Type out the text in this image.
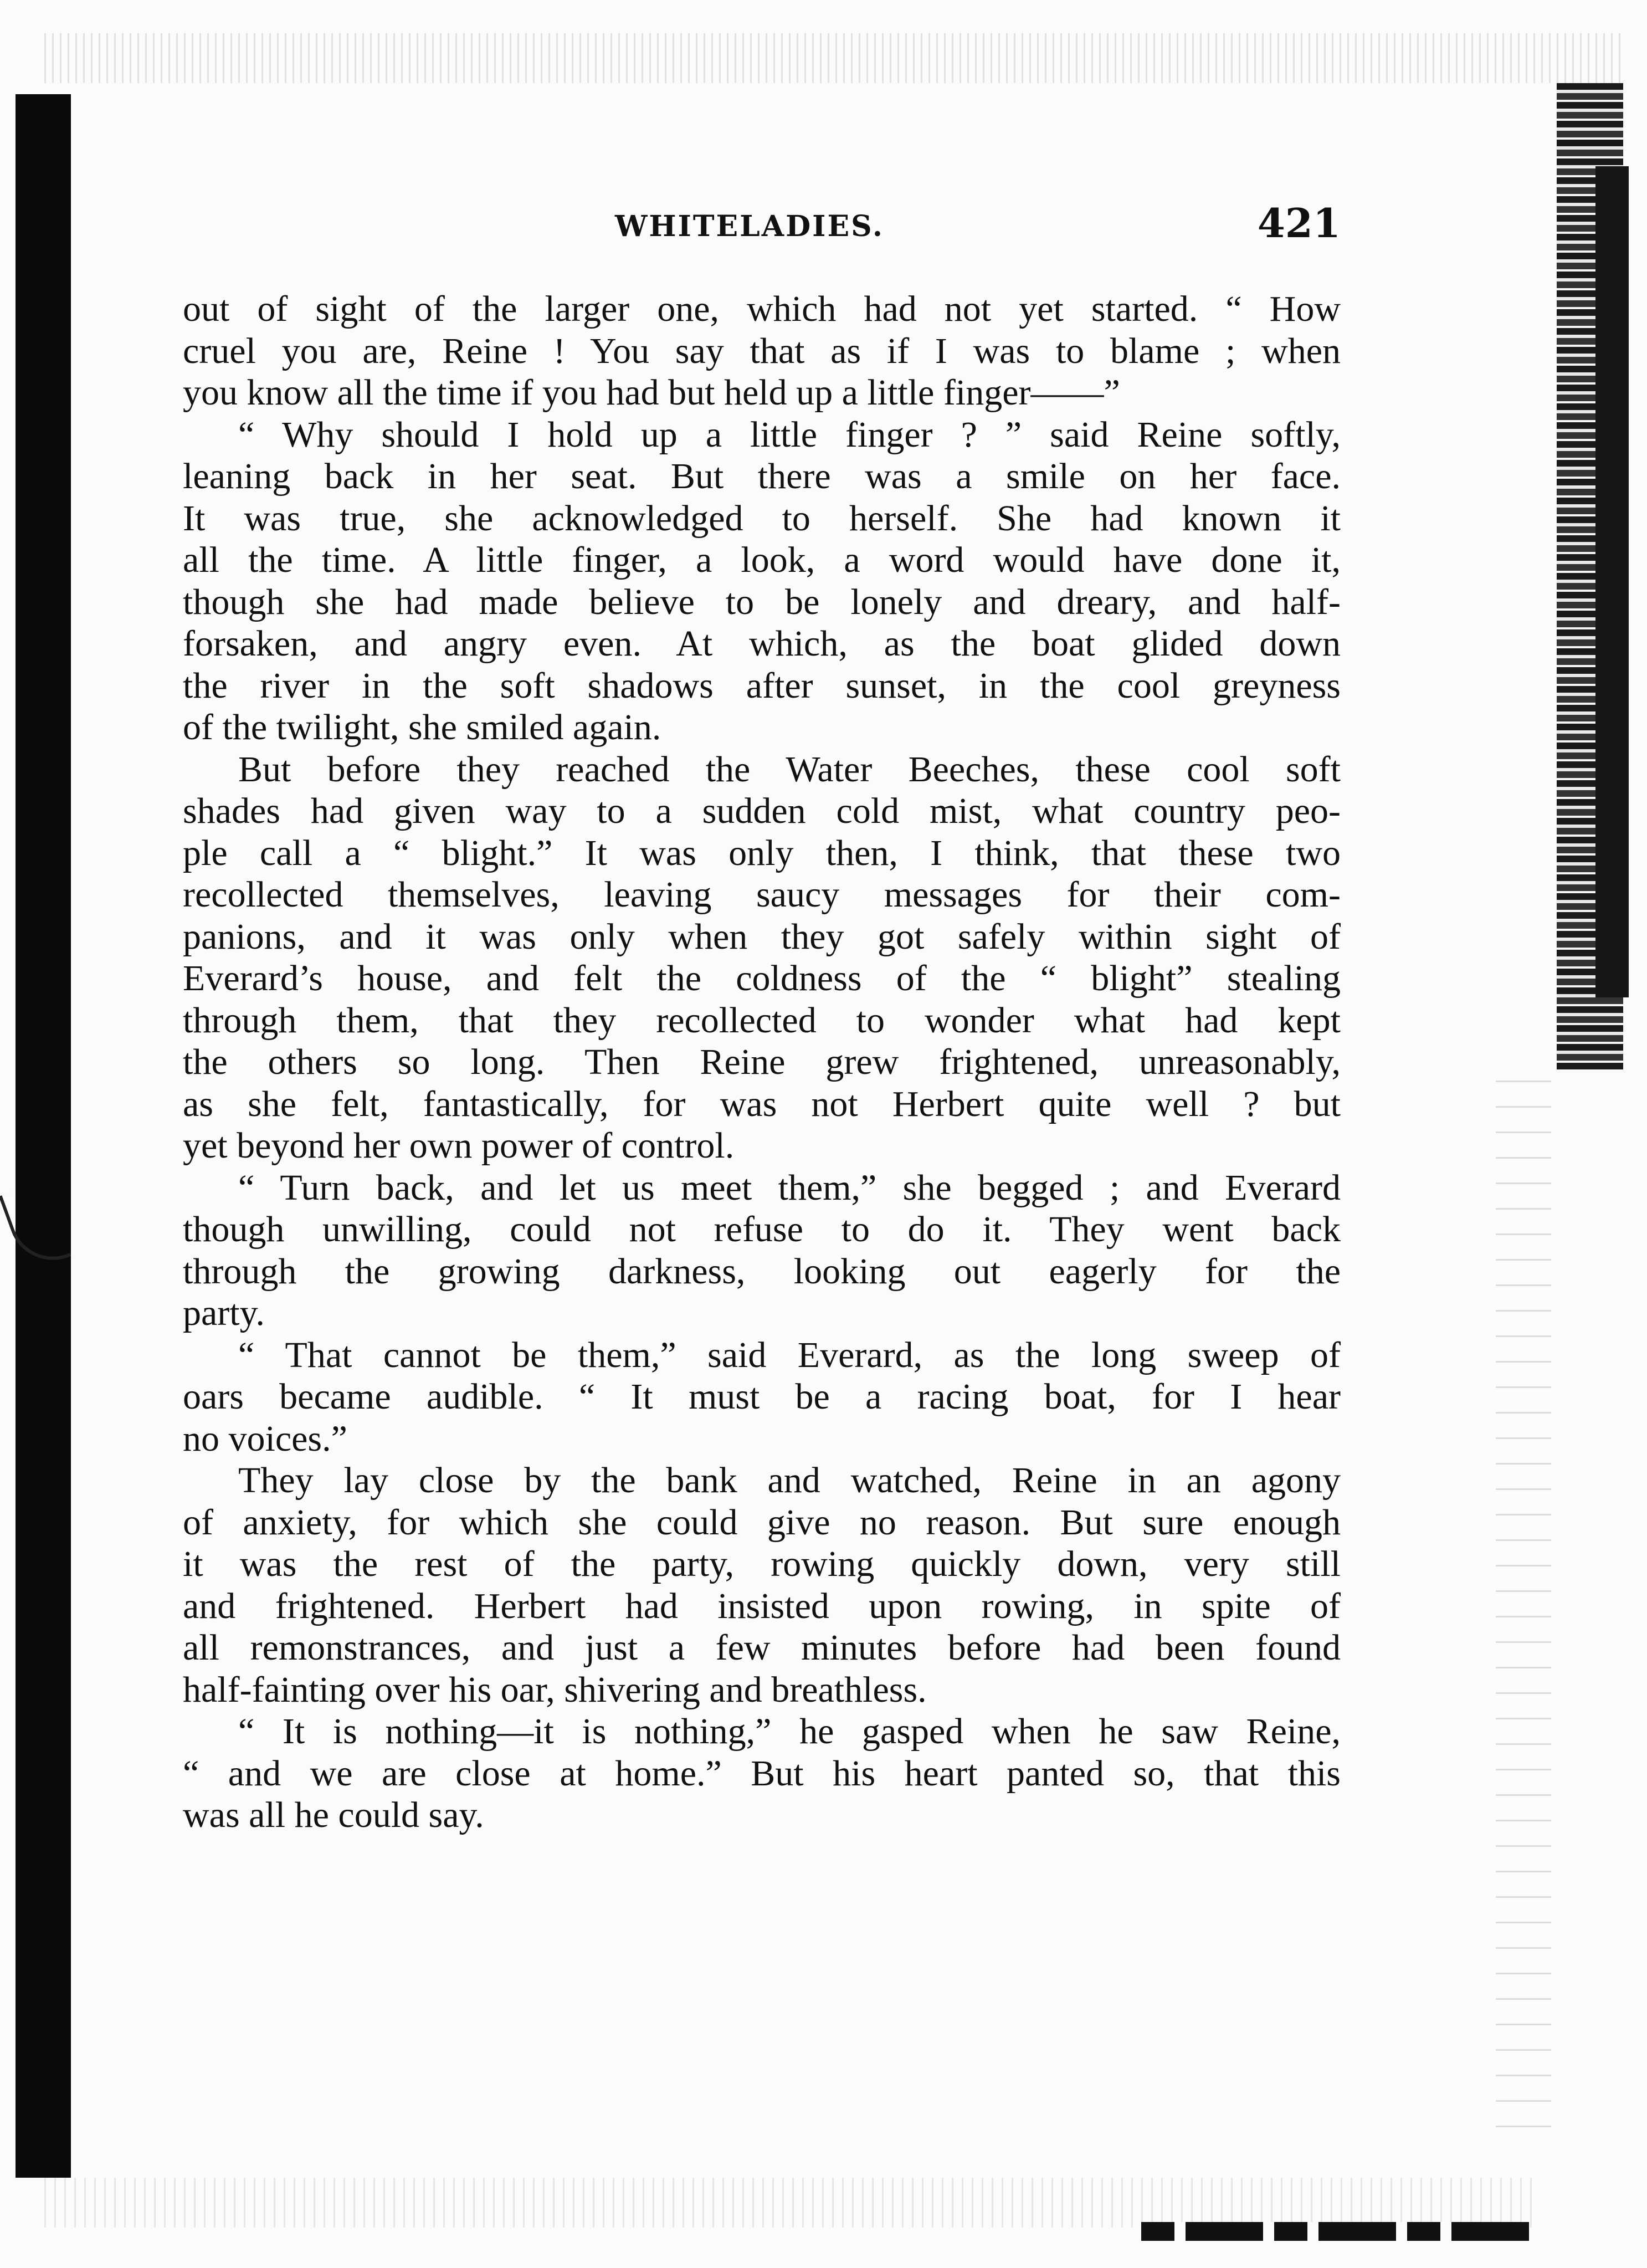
WHITELADIES.	421

out of sight of the larger one, which had not yet started. “ How
cruel you are, Reine ! You say that as if I was to blame ; when
you know all the time if you had but held up a little finger——”

“ Why should I hold up a little finger ? ” said Reine softly,
leaning back in her seat. But there was a smile on her face.
It was true, she acknowledged to herself. She had known it
all the time. A little finger, a look, a word would have done it,
though she had made believe to be lonely and dreary, and half-
forsaken, and angry even. At which, as the boat glided down
the river in the soft shadows after sunset, in the cool greyness
of the twilight, she smiled again.

But before they reached the Water Beeches, these cool soft
shades had given way to a sudden cold mist, what country peo-
ple call a “ blight.” It was only then, I think, that these two
recollected themselves, leaving saucy messages for their com-
panions, and it was only when they got safely within sight of
Everard’s house, and felt the coldness of the “ blight” stealing
through them, that they recollected to wonder what had kept
the others so long. Then Reine grew frightened, unreasonably,
as she felt, fantastically, for was not Herbert quite well ? but
yet beyond her own power of control.

“ Turn back, and let us meet them,” she begged ; and Everard
though unwilling, could not refuse to do it. They went back
through the growing darkness, looking out eagerly for the
party.

“ That cannot be them,” said Everard, as the long sweep of
oars became audible. “ It must be a racing boat, for I hear
no voices.”

They lay close by the bank and watched, Reine in an agony
of anxiety, for which she could give no reason. But sure enough
it was the rest of the party, rowing quickly down, very still
and frightened. Herbert had insisted upon rowing, in spite of
all remonstrances, and just a few minutes before had been found
half-fainting over his oar, shivering and breathless.

“ It is nothing—it is nothing,” he gasped when he saw Reine,
“ and we are close at home.” But his heart panted so, that this
was all he could say.
